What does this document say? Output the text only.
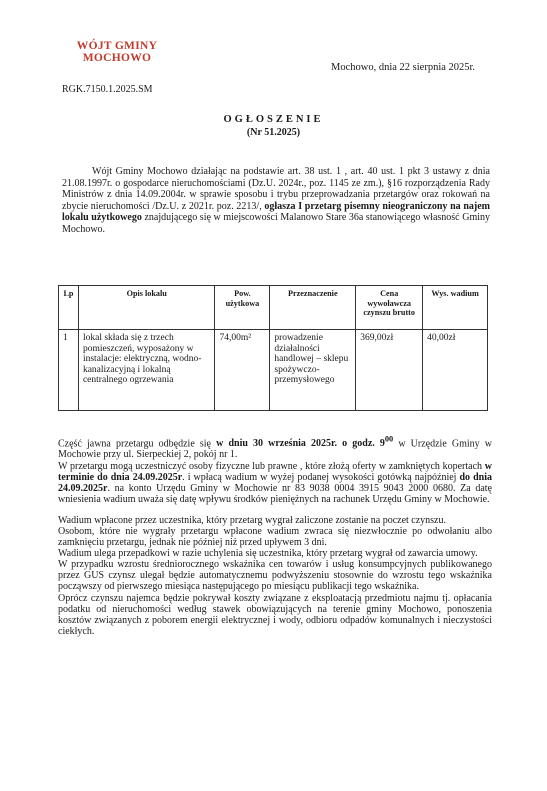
WÓJT GMINY
MOCHOWO
Mochowo, dnia 22 sierpnia 2025r.
RGK.7150.1.2025.SM
OGŁOSZENIE
(Nr 51.2025)

Wójt Gminy Mochowo działając na podstawie art. 38 ust. 1 , art. 40 ust. 1 pkt 3 ustawy z dnia 21.08.1997r. o gospodarce nieruchomościami (Dz.U. 2024r., poz. 1145 ze zm.), §16 rozporządzenia Rady Ministrów z dnia 14.09.2004r. w sprawie sposobu i trybu przeprowadzania przetargów oraz rokowań na zbycie nieruchomości /Dz.U. z 2021r. poz. 2213/, ogłasza I przetarg pisemny nieograniczony na najem lokalu użytkowego znajdującego się w miejscowości Malanowo Stare 36a stanowiącego własność Gminy Mochowo.

Lp	Opis lokalu	Pow. użytkowa	Przeznaczenie	Cena wywoławcza czynszu brutto	Wys. wadium
1	lokal składa się z trzech pomieszczeń, wyposażony w instalacje: elektryczną, wodno-kanalizacyjną i lokalną centralnego ogrzewania	74,00m²	prowadzenie działalności handlowej – sklepu spożywczo-przemysłowego	369,00zł	40,00zł

Część jawna przetargu odbędzie się w dniu 30 września 2025r. o godz. $9^{00}$ w Urzędzie Gminy w Mochowie przy ul. Sierpeckiej 2, pokój nr 1.

W przetargu mogą uczestniczyć osoby fizyczne lub prawne , które złożą oferty w zamkniętych kopertach w terminie do dnia 24.09.2025r. i wpłacą wadium w wyżej podanej wysokości gotówką najpóźniej do dnia 24.09.2025r. na konto Urzędu Gminy w Mochowie nr 83 9038 0004 3915 9043 2000 0680. Za datę wniesienia wadium uważa się datę wpływu środków pieniężnych na rachunek Urzędu Gminy w Mochowie.

Wadium wpłacone przez uczestnika, który przetarg wygrał zaliczone zostanie na poczet czynszu.

Osobom, które nie wygrały przetargu wpłacone wadium zwraca się niezwłocznie po odwołaniu albo zamknięciu przetargu, jednak nie później niż przed upływem 3 dni.

Wadium ulega przepadkowi w razie uchylenia się uczestnika, który przetarg wygrał od zawarcia umowy.

W przypadku wzrostu średniorocznego wskaźnika cen towarów i usług konsumpcyjnych publikowanego przez GUS czynsz ulegał będzie automatycznemu podwyższeniu stosownie do wzrostu tego wskaźnika począwszy od pierwszego miesiąca następującego po miesiącu publikacji tego wskaźnika.

Oprócz czynszu najemca będzie pokrywał koszty związane z eksploatacją przedmiotu najmu tj. opłacania podatku od nieruchomości według stawek obowiązujących na terenie gminy Mochowo, ponoszenia kosztów związanych z poborem energii elektrycznej i wody, odbioru odpadów komunalnych i nieczystości ciekłych.
